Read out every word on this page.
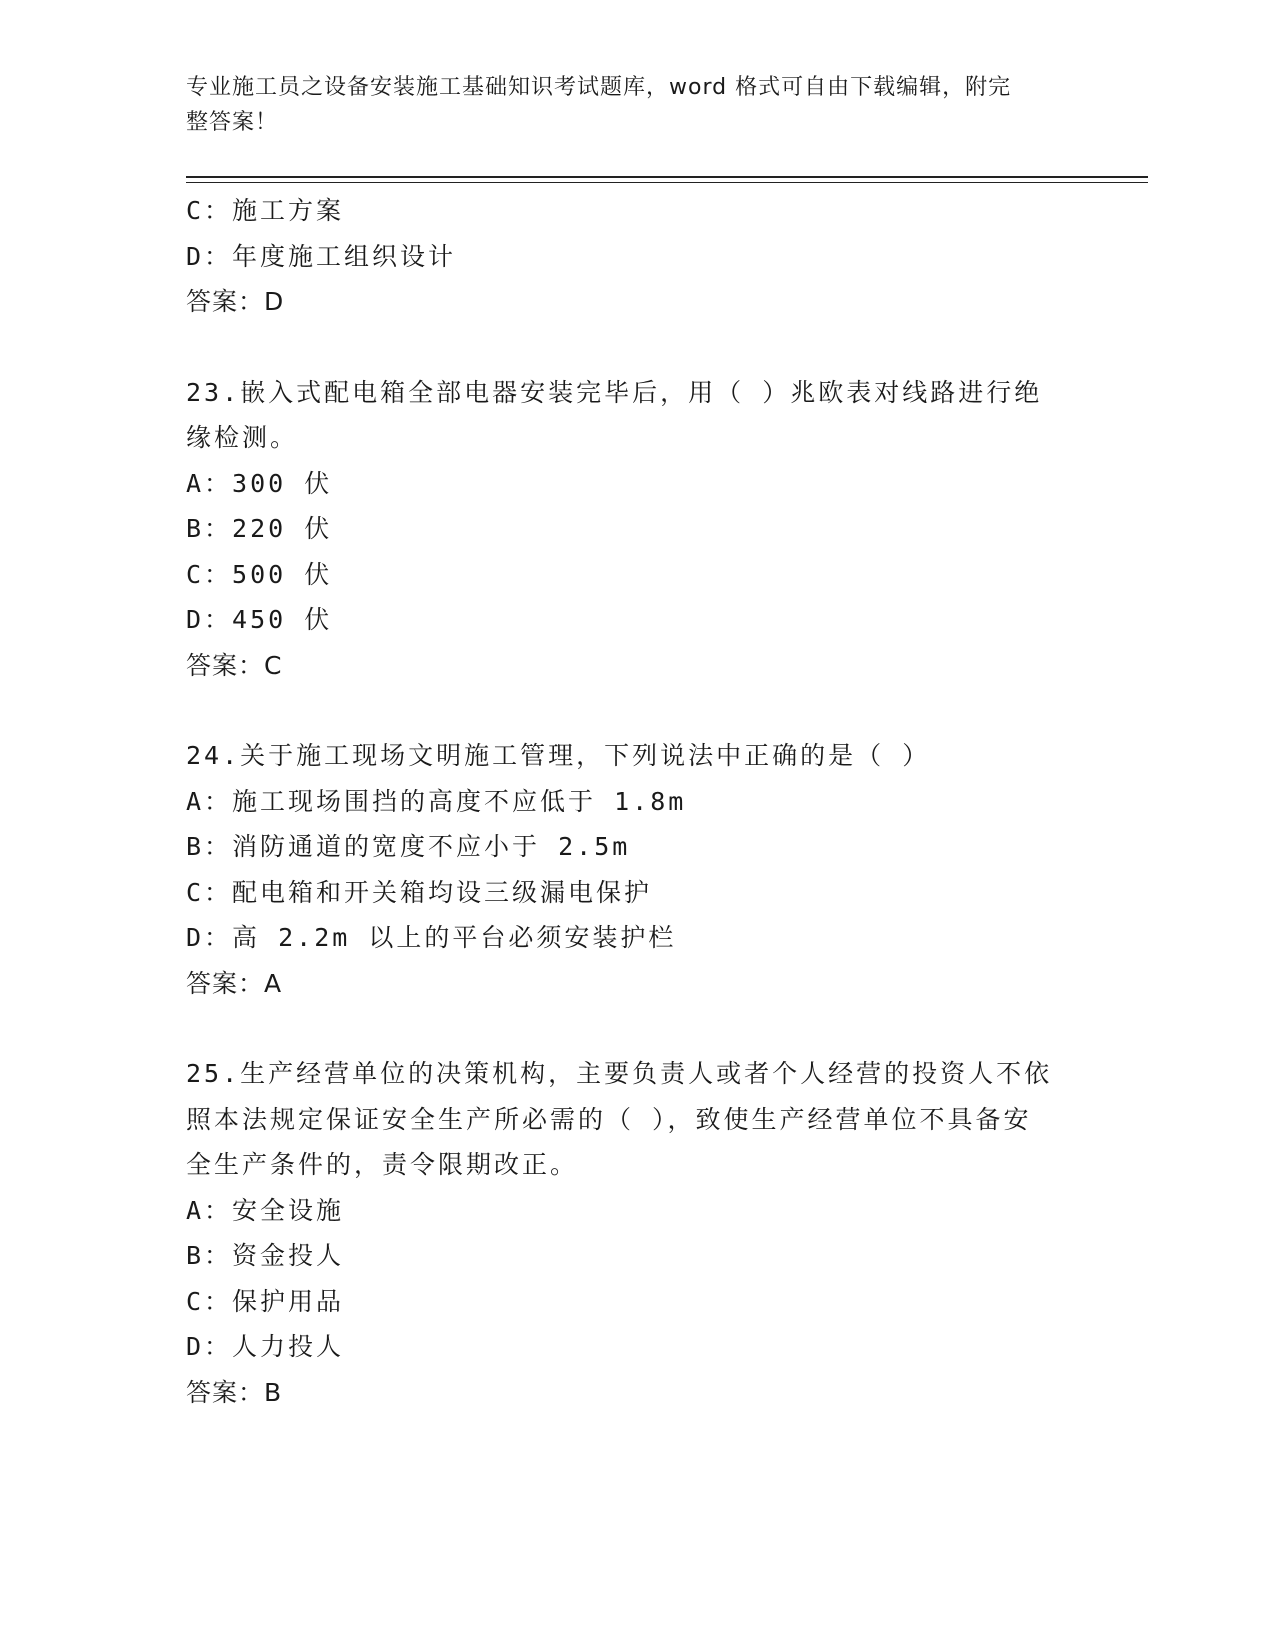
专业施工员之设备安装施工基础知识考试题库，word 格式可自由下载编辑，附完
整答案！
C：施工方案
D：年度施工组织设计
答案：D
23.嵌入式配电箱全部电器安装完毕后，用（ ）兆欧表对线路进行绝
缘检测。
A：300 伏
B：220 伏
C：500 伏
D：450 伏
答案：C
24.关于施工现场文明施工管理，下列说法中正确的是（ ）
A：施工现场围挡的高度不应低于 1.8m
B：消防通道的宽度不应小于 2.5m
C：配电箱和开关箱均设三级漏电保护
D：高 2.2m 以上的平台必须安装护栏
答案：A
25.生产经营单位的决策机构，主要负责人或者个人经营的投资人不依
照本法规定保证安全生产所必需的（ ），致使生产经营单位不具备安
全生产条件的，责令限期改正。
A：安全设施
B：资金投人
C：保护用品
D：人力投人
答案：B
